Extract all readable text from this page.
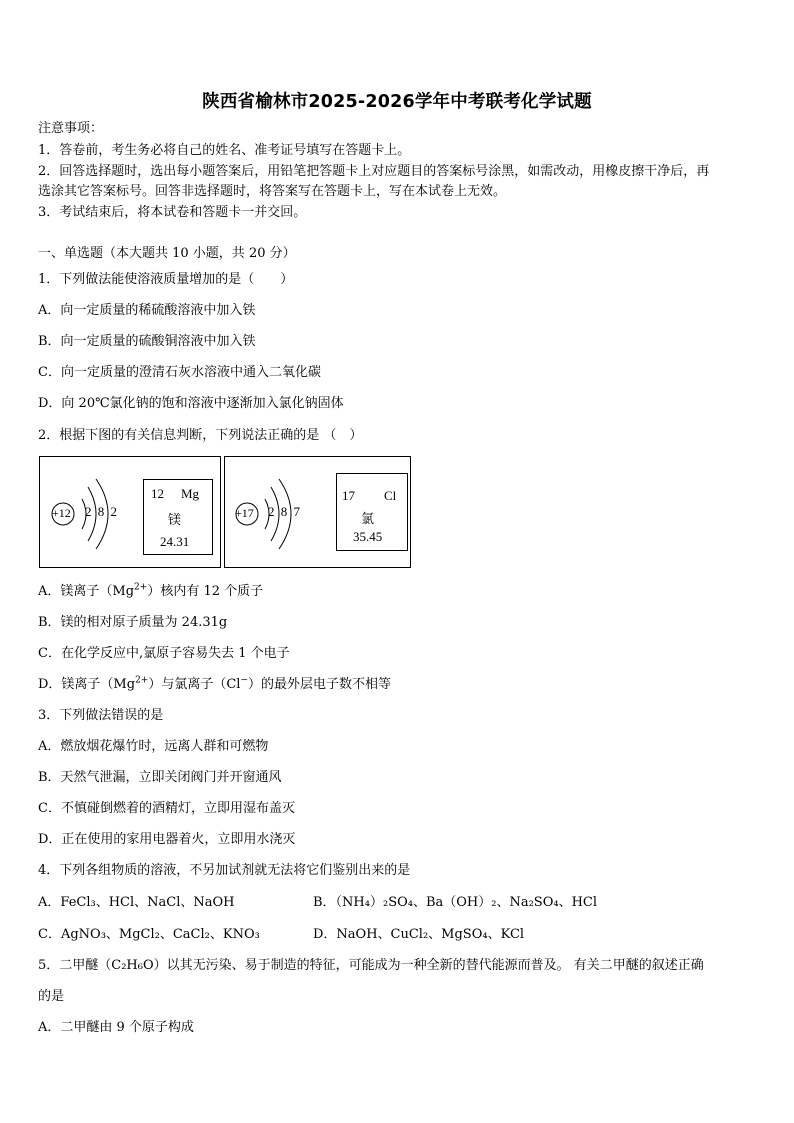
陕西省榆林市2025-2026学年中考联考化学试题
注意事项：
1．答卷前，考生务必将自己的姓名、准考证号填写在答题卡上。
2．回答选择题时，选出每小题答案后，用铅笔把答题卡上对应题目的答案标号涂黑，如需改动，用橡皮擦干净后，再
选涂其它答案标号。回答非选择题时，将答案写在答题卡上，写在本试卷上无效。
3．考试结束后，将本试卷和答题卡一并交回。
一、单选题（本大题共 10 小题，共 20 分）
1．下列做法能使溶液质量增加的是（　　）
A．向一定质量的稀硫酸溶液中加入铁
B．向一定质量的硫酸铜溶液中加入铁
C．向一定质量的澄清石灰水溶液中通入二氧化碳
D．向 20℃氯化钠的饱和溶液中逐渐加入氯化钠固体
2．根据下图的有关信息判断，下列说法正确的是 （　）
+12 2 8 2
12 Mg
镁
24.31
+17 2 8 7
17 Cl
氯
35.45
A．镁离子$(Mg^{2+})$核内有 12 个质子
B．镁的相对原子质量为 24.31g
C．在化学反应中,氯原子容易失去 1 个电子
D．镁离子$(Mg^{2+})$与氯离子（Cl−）的最外层电子数不相等
3．下列做法错误的是
A．燃放烟花爆竹时，远离人群和可燃物
B．天然气泄漏，立即关闭阀门并开窗通风
C．不慎碰倒燃着的酒精灯，立即用湿布盖灭
D．正在使用的家用电器着火，立即用水浇灭
4．下列各组物质的溶液，不另加试剂就无法将它们鉴别出来的是
A．FeCl₃、HCl、NaCl、NaOH	B．（NH₄）₂SO₄、Ba（OH）₂、Na₂SO₄、HCl
C．AgNO₃、MgCl₂、CaCl₂、KNO₃	D．NaOH、CuCl₂、MgSO₄、KCl
5．二甲醚（C₂H₆O）以其无污染、易于制造的特征，可能成为一种全新的替代能源而普及。 有关二甲醚的叙述正确
的是
A．二甲醚由 9 个原子构成
